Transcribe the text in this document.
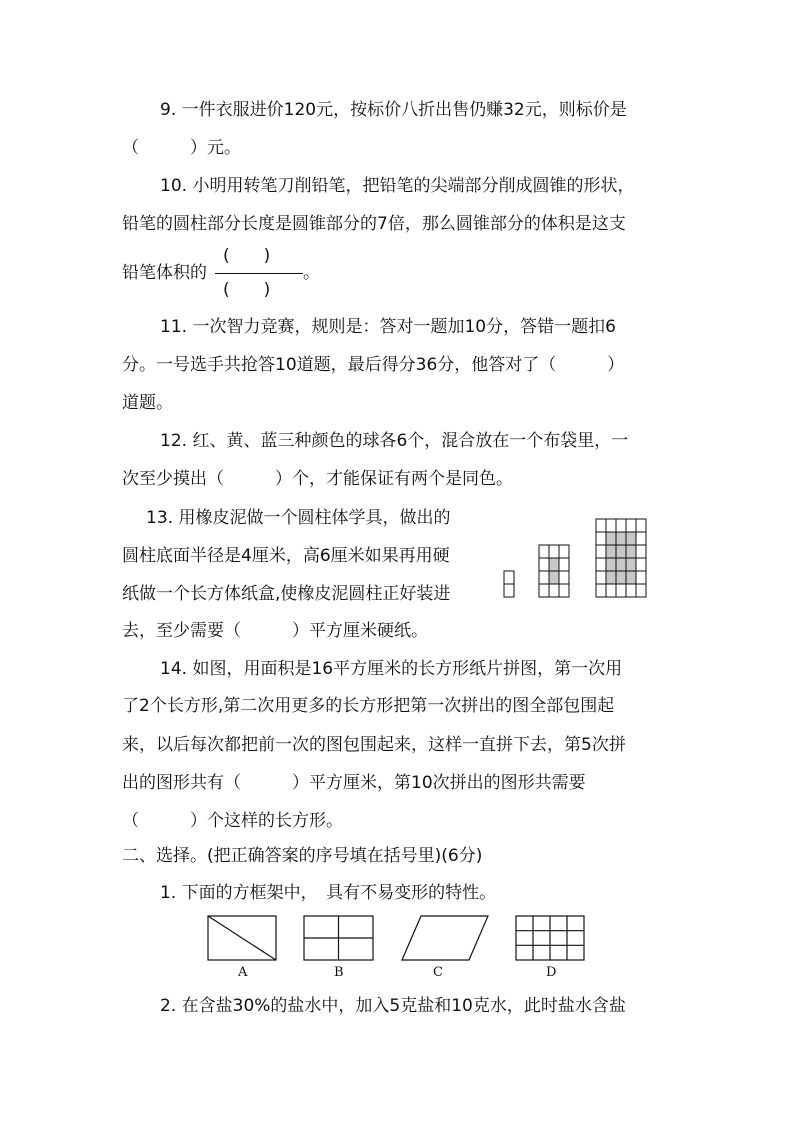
9. 一件衣服进价120元，按标价八折出售仍赚32元，则标价是
（　　　）元。
10. 小明用转笔刀削铅笔，把铅笔的尖端部分削成圆锥的形状，
铅笔的圆柱部分长度是圆锥部分的7倍，那么圆锥部分的体积是这支
铅笔体积的
(　　)
(　　)
。
11. 一次智力竞赛，规则是：答对一题加10分，答错一题扣6
分。一号选手共抢答10道题，最后得分36分，他答对了（　　　）
道题。
12. 红、黄、蓝三种颜色的球各6个，混合放在一个布袋里，一
次至少摸出（　　　）个，才能保证有两个是同色。
13. 用橡皮泥做一个圆柱体学具，做出的
圆柱底面半径是4厘米，高6厘米如果再用硬
纸做一个长方体纸盒,使橡皮泥圆柱正好装进
去，至少需要（　　　）平方厘米硬纸。
14. 如图，用面积是16平方厘米的长方形纸片拼图，第一次用
了2个长方形,第二次用更多的长方形把第一次拼出的图全部包围起
来，以后每次都把前一次的图包围起来，这样一直拼下去，第5次拼
出的图形共有（　　　）平方厘米，第10次拼出的图形共需要
（　　　）个这样的长方形。
二、选择。(把正确答案的序号填在括号里)(6分)
1. 下面的方框架中，　具有不易变形的特性。
A	B	C	D
2. 在含盐30%的盐水中，加入5克盐和10克水，此时盐水含盐
